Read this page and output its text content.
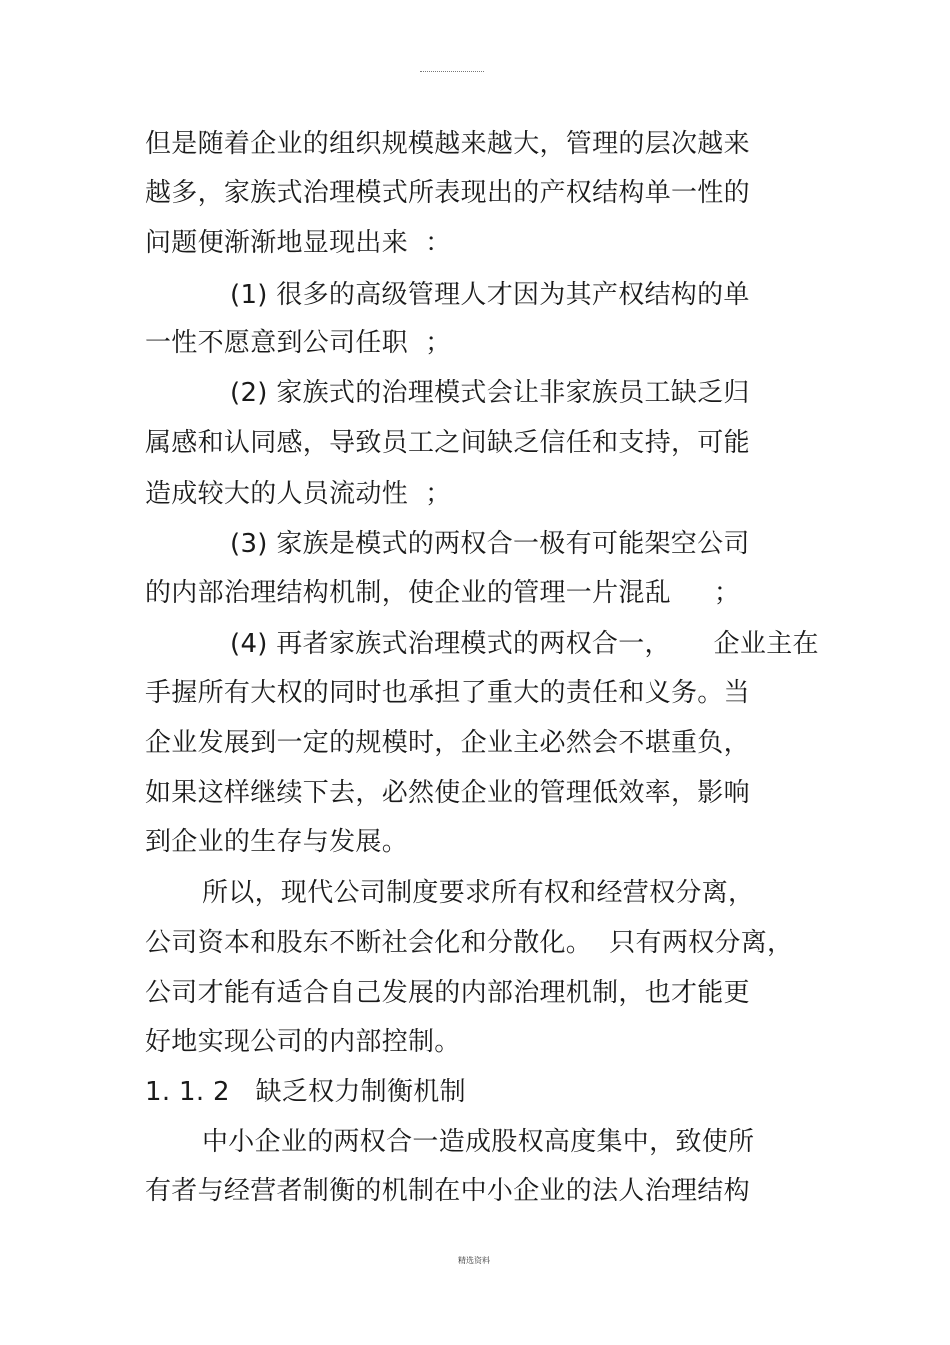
但是随着企业的组织规模越来越大，管理的层次越来
越多，家族式治理模式所表现出的产权结构单一性的
问题便渐渐地显现出来  ：
(1) 很多的高级管理人才因为其产权结构的单
一性不愿意到公司任职  ；
(2) 家族式的治理模式会让非家族员工缺乏归
属感和认同感，导致员工之间缺乏信任和支持，可能
造成较大的人员流动性  ；
(3) 家族是模式的两权合一极有可能架空公司
的内部治理结构机制，使企业的管理一片混乱     ；
(4) 再者家族式治理模式的两权合一，     企业主在
手握所有大权的同时也承担了重大的责任和义务。当
企业发展到一定的规模时，企业主必然会不堪重负，
如果这样继续下去，必然使企业的管理低效率，影响
到企业的生存与发展。
所以，现代公司制度要求所有权和经营权分离，
公司资本和股东不断社会化和分散化。  只有两权分离，
公司才能有适合自己发展的内部治理机制，也才能更
好地实现公司的内部控制。
1. 1. 2   缺乏权力制衡机制
中小企业的两权合一造成股权高度集中，致使所
有者与经营者制衡的机制在中小企业的法人治理结构
精选资料
